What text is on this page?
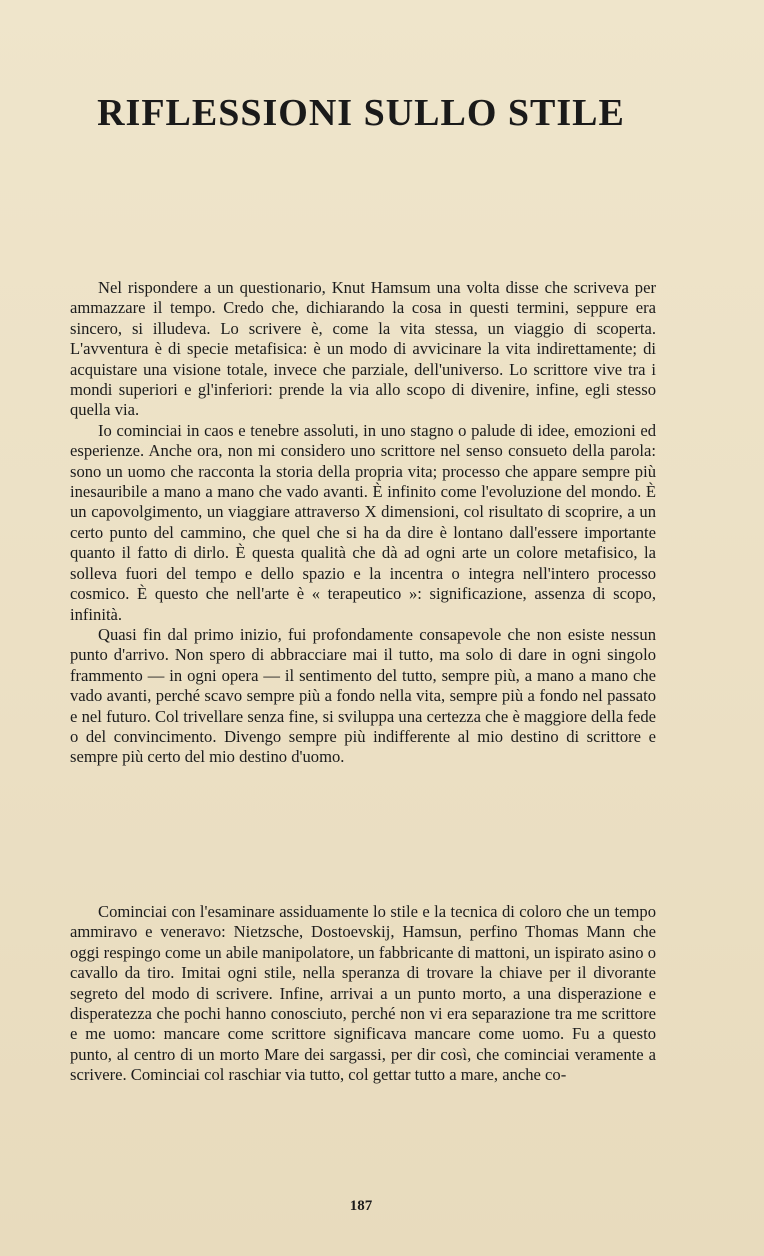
RIFLESSIONI SULLO STILE

Nel rispondere a un questionario, Knut Hamsum una volta disse che scriveva per ammazzare il tempo. Credo che, dichiarando la cosa in questi termini, seppure era sincero, si illudeva. Lo scrivere è, come la vita stessa, un viaggio di scoperta. L'avventura è di specie metafisica: è un modo di avvicinare la vita indirettamente; di acquistare una visione totale, invece che parziale, dell'universo. Lo scrittore vive tra i mondi superiori e gl'inferiori: prende la via allo scopo di divenire, infine, egli stesso quella via.

Io cominciai in caos e tenebre assoluti, in uno stagno o palude di idee, emozioni ed esperienze. Anche ora, non mi considero uno scrittore nel senso consueto della parola: sono un uomo che racconta la storia della propria vita; processo che appare sempre più inesauribile a mano a mano che vado avanti. È infinito come l'evoluzione del mondo. È un capovolgimento, un viaggiare attraverso X dimensioni, col risultato di scoprire, a un certo punto del cammino, che quel che si ha da dire è lontano dall'essere importante quanto il fatto di dirlo. È questa qualità che dà ad ogni arte un colore metafisico, la solleva fuori del tempo e dello spazio e la incentra o integra nell'intero processo cosmico. È questo che nell'arte è « terapeutico »: significazione, assenza di scopo, infinità.

Quasi fin dal primo inizio, fui profondamente consapevole che non esiste nessun punto d'arrivo. Non spero di abbracciare mai il tutto, ma solo di dare in ogni singolo frammento — in ogni opera — il sentimento del tutto, sempre più, a mano a mano che vado avanti, perché scavo sempre più a fondo nella vita, sempre più a fondo nel passato e nel futuro. Col trivellare senza fine, si sviluppa una certezza che è maggiore della fede o del convincimento. Divengo sempre più indifferente al mio destino di scrittore e sempre più certo del mio destino d'uomo.

Cominciai con l'esaminare assiduamente lo stile e la tecnica di coloro che un tempo ammiravo e veneravo: Nietzsche, Dostoevskij, Hamsun, perfino Thomas Mann che oggi respingo come un abile manipolatore, un fabbricante di mattoni, un ispirato asino o cavallo da tiro. Imitai ogni stile, nella speranza di trovare la chiave per il divorante segreto del modo di scrivere. Infine, arrivai a un punto morto, a una disperazione e disperatezza che pochi hanno conosciuto, perché non vi era separazione tra me scrittore e me uomo: mancare come scrittore significava mancare come uomo. Fu a questo punto, al centro di un morto Mare dei sargassi, per dir così, che cominciai veramente a scrivere. Cominciai col raschiar via tutto, col gettar tutto a mare, anche co-

187
